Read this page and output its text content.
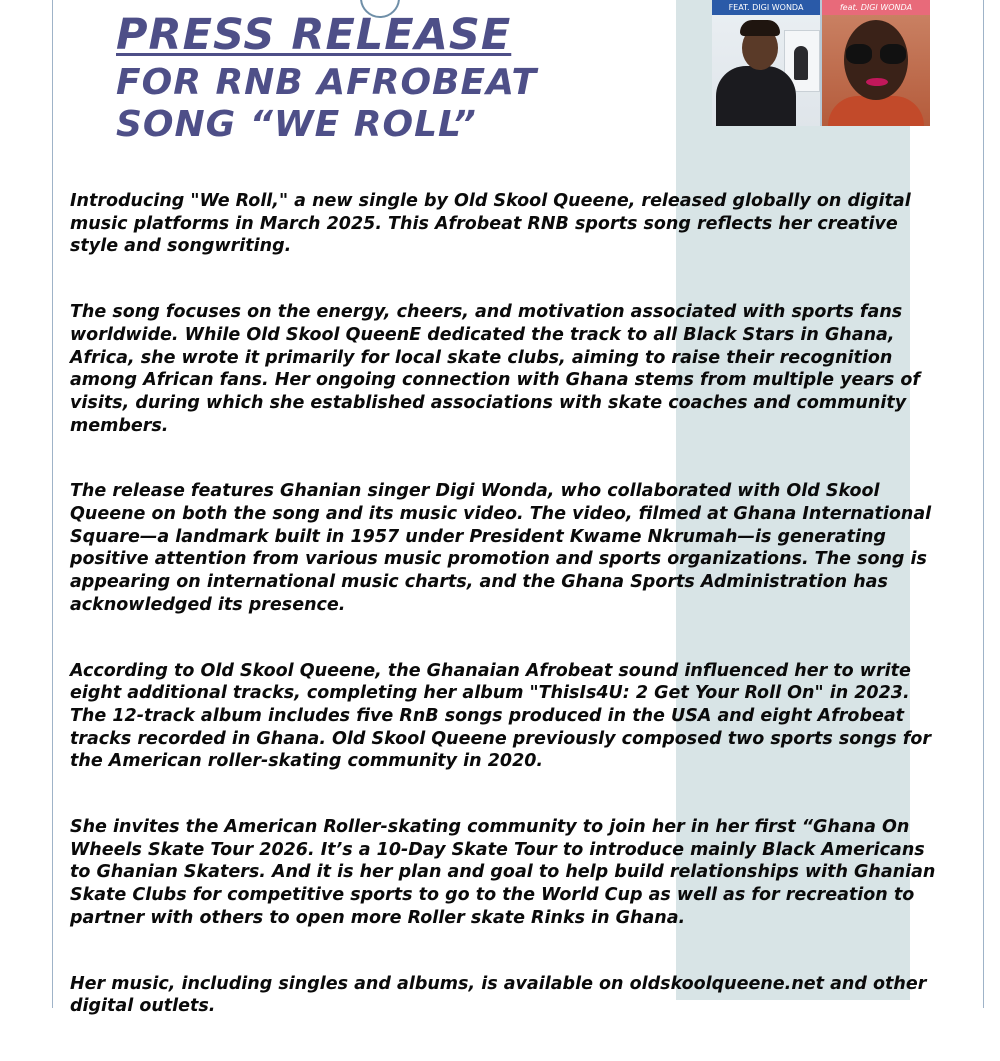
PRESS RELEASE
FOR RNB AFROBEAT
SONG “WE ROLL”
FEAT. DIGI WONDA	feat. DIGI WONDA

Introducing "We Roll," a new single by Old Skool Queene, released globally on digital music platforms in March 2025. This Afrobeat RNB sports song reflects her creative style and songwriting.

The song focuses on the energy, cheers, and motivation associated with sports fans worldwide. While Old Skool QueenE dedicated the track to all Black Stars in Ghana, Africa, she wrote it primarily for local skate clubs, aiming to raise their recognition among African fans. Her ongoing connection with Ghana stems from multiple years of visits, during which she established associations with skate coaches and community members.

The release features Ghanian singer Digi Wonda, who collaborated with Old Skool Queene on both the song and its music video. The video, filmed at Ghana International Square—a landmark built in 1957 under President Kwame Nkrumah—is generating positive attention from various music promotion and sports organizations. The song is appearing on international music charts, and the Ghana Sports Administration has acknowledged its presence.

According to Old Skool Queene, the Ghanaian Afrobeat sound influenced her to write eight additional tracks, completing her album "ThisIs4U: 2 Get Your Roll On" in 2023. The 12-track album includes five RnB songs produced in the USA and eight Afrobeat tracks recorded in Ghana. Old Skool Queene previously composed two sports songs for the American roller-skating community in 2020.

She invites the American Roller-skating community to join her in her first “Ghana On Wheels Skate Tour 2026. It’s a 10-Day Skate Tour to introduce mainly Black Americans to Ghanian Skaters. And it is her plan and goal to help build relationships with Ghanian Skate Clubs for competitive sports to go to the World Cup as well as for recreation to partner with others to open more Roller skate Rinks in Ghana.

Her music, including singles and albums, is available on oldskoolqueene.net and other digital outlets.
